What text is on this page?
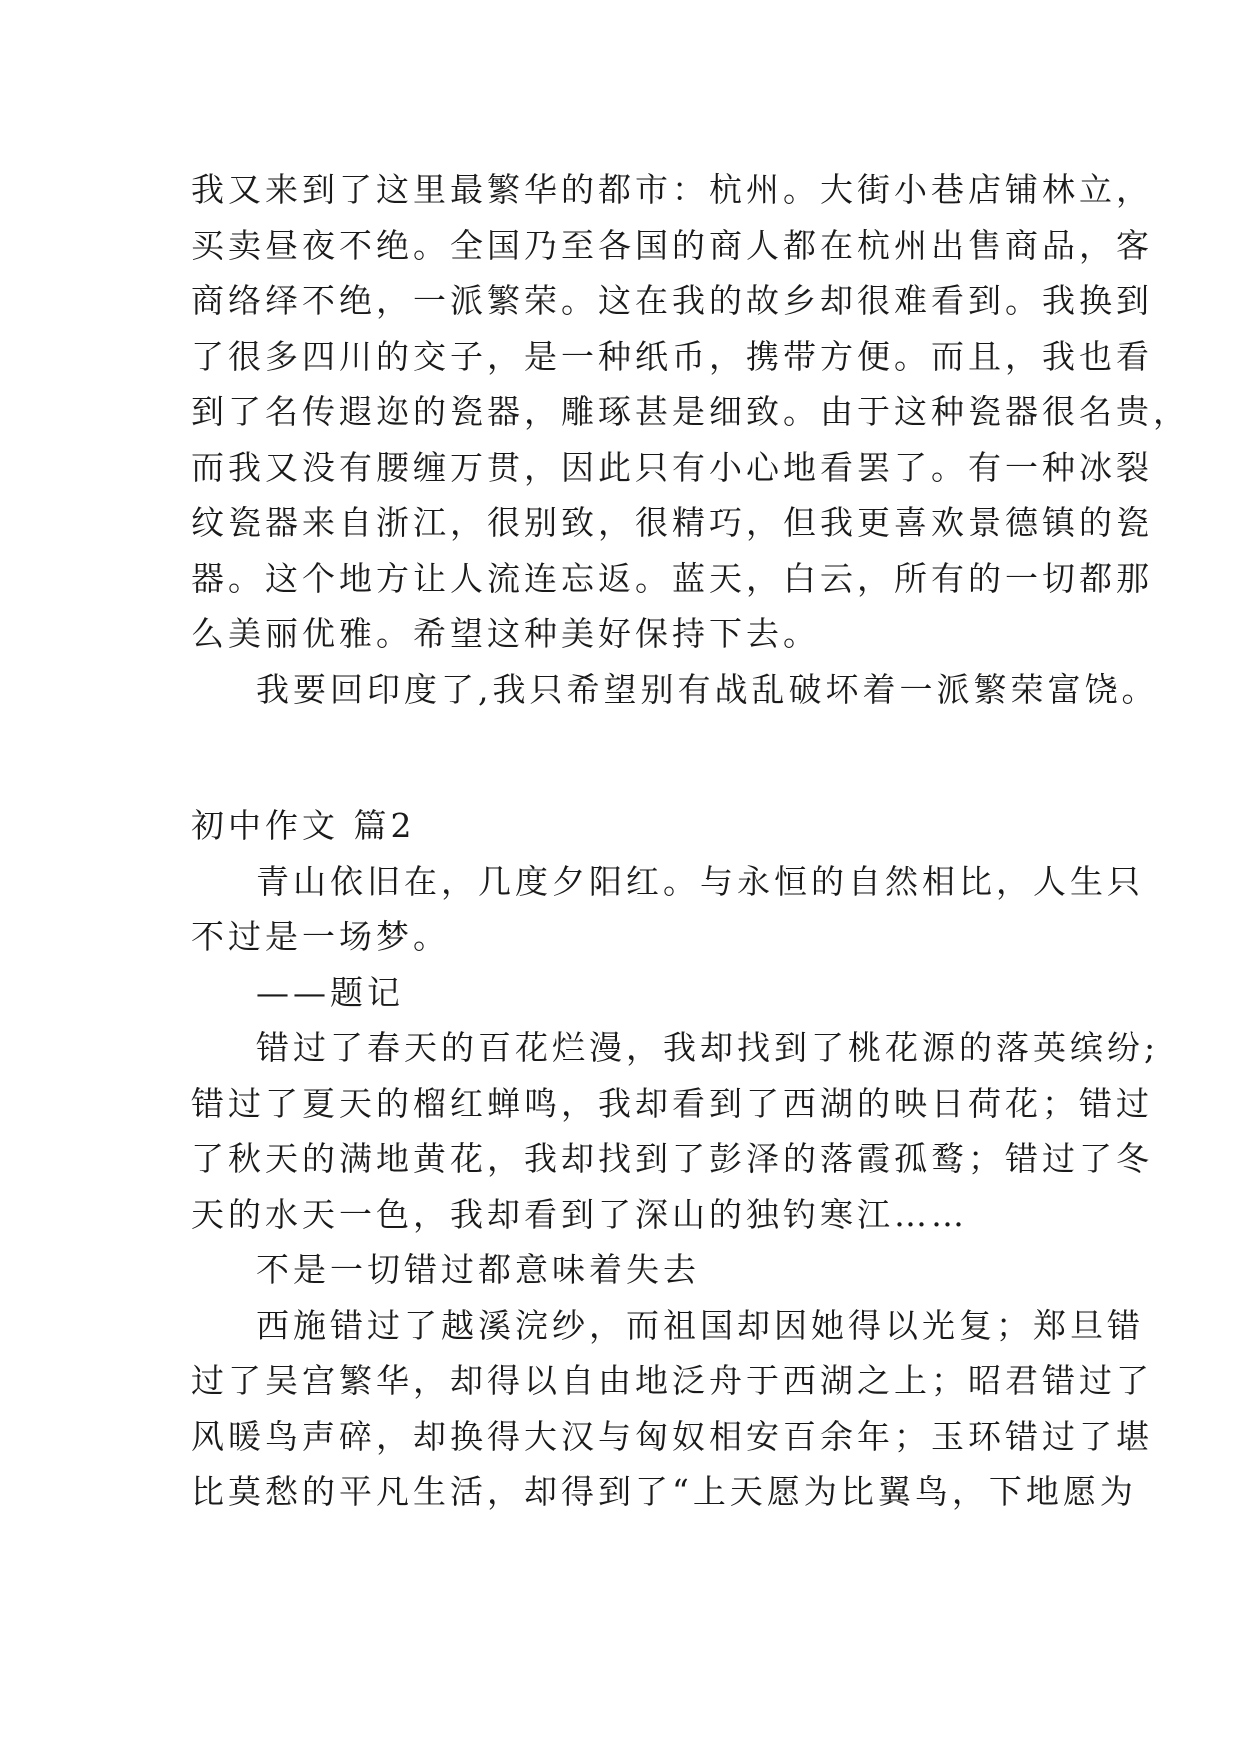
我又来到了这里最繁华的都市：杭州。大街小巷店铺林立，
买卖昼夜不绝。全国乃至各国的商人都在杭州出售商品，客
商络绎不绝，一派繁荣。这在我的故乡却很难看到。我换到
了很多四川的交子，是一种纸币，携带方便。而且，我也看
到了名传遐迩的瓷器，雕琢甚是细致。由于这种瓷器很名贵，
而我又没有腰缠万贯，因此只有小心地看罢了。有一种冰裂
纹瓷器来自浙江，很别致，很精巧，但我更喜欢景德镇的瓷
器。这个地方让人流连忘返。蓝天，白云，所有的一切都那
么美丽优雅。希望这种美好保持下去。
我要回印度了,我只希望别有战乱破坏着一派繁荣富饶。
初中作文 篇2
青山依旧在，几度夕阳红。与永恒的自然相比，人生只
不过是一场梦。
——题记
错过了春天的百花烂漫，我却找到了桃花源的落英缤纷;
错过了夏天的榴红蝉鸣，我却看到了西湖的映日荷花；错过
了秋天的满地黄花，我却找到了彭泽的落霞孤鹜；错过了冬
天的水天一色，我却看到了深山的独钓寒江……
不是一切错过都意味着失去
西施错过了越溪浣纱，而祖国却因她得以光复；郑旦错
过了吴宫繁华，却得以自由地泛舟于西湖之上；昭君错过了
风暖鸟声碎，却换得大汉与匈奴相安百余年；玉环错过了堪
比莫愁的平凡生活，却得到了“上天愿为比翼鸟，下地愿为
